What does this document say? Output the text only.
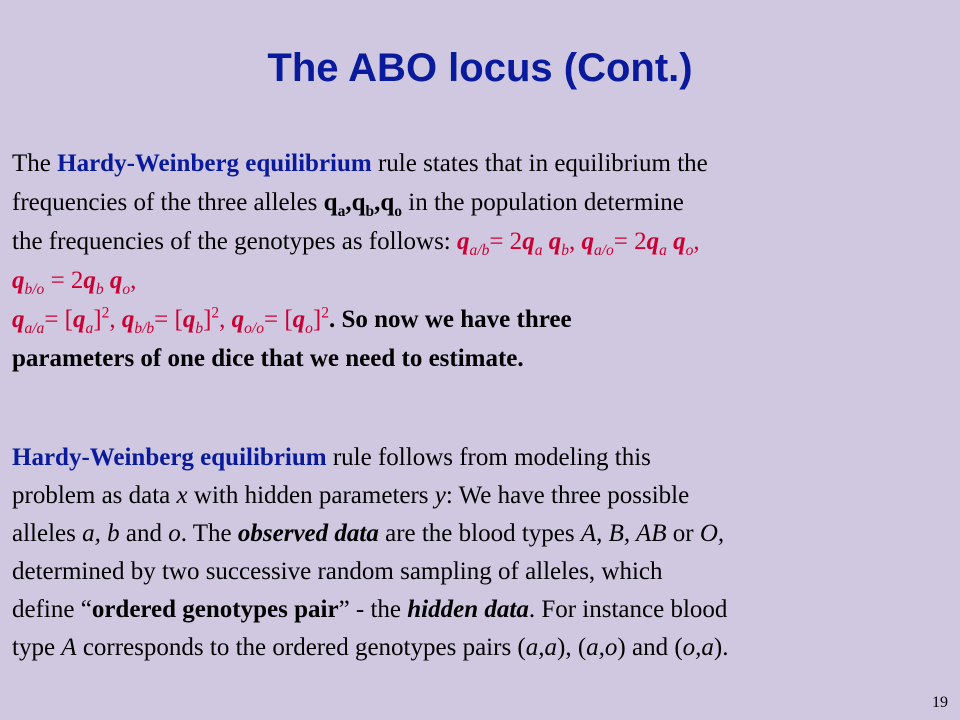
The ABO locus (Cont.)
The Hardy-Weinberg equilibrium rule states that in equilibrium the
frequencies of the three alleles $q_a,q_b,q_o$ in the population determine
the frequencies of the genotypes as follows: $q_{a/b}= 2q_a$ $q_b$, $q_{a/o}= 2q_a$ $q_o$,
$q_{b/o} = 2q_b$ $q_o$,
$q_{a/a}= [q_a]^2$, $q_{b/b}= [q_b]^2$, $q_{o/o}= [q_o]^2$. So now we have three
parameters of one dice that we need to estimate.
Hardy-Weinberg equilibrium rule follows from modeling this
problem as data x with hidden parameters y: We have three possible
alleles a, b and o. The observed data are the blood types A, B, AB or O,
determined by two successive random sampling of alleles, which
define “ordered genotypes pair” - the hidden data. For instance blood
type A corresponds to the ordered genotypes pairs (a,a), (a,o) and (o,a).
19
